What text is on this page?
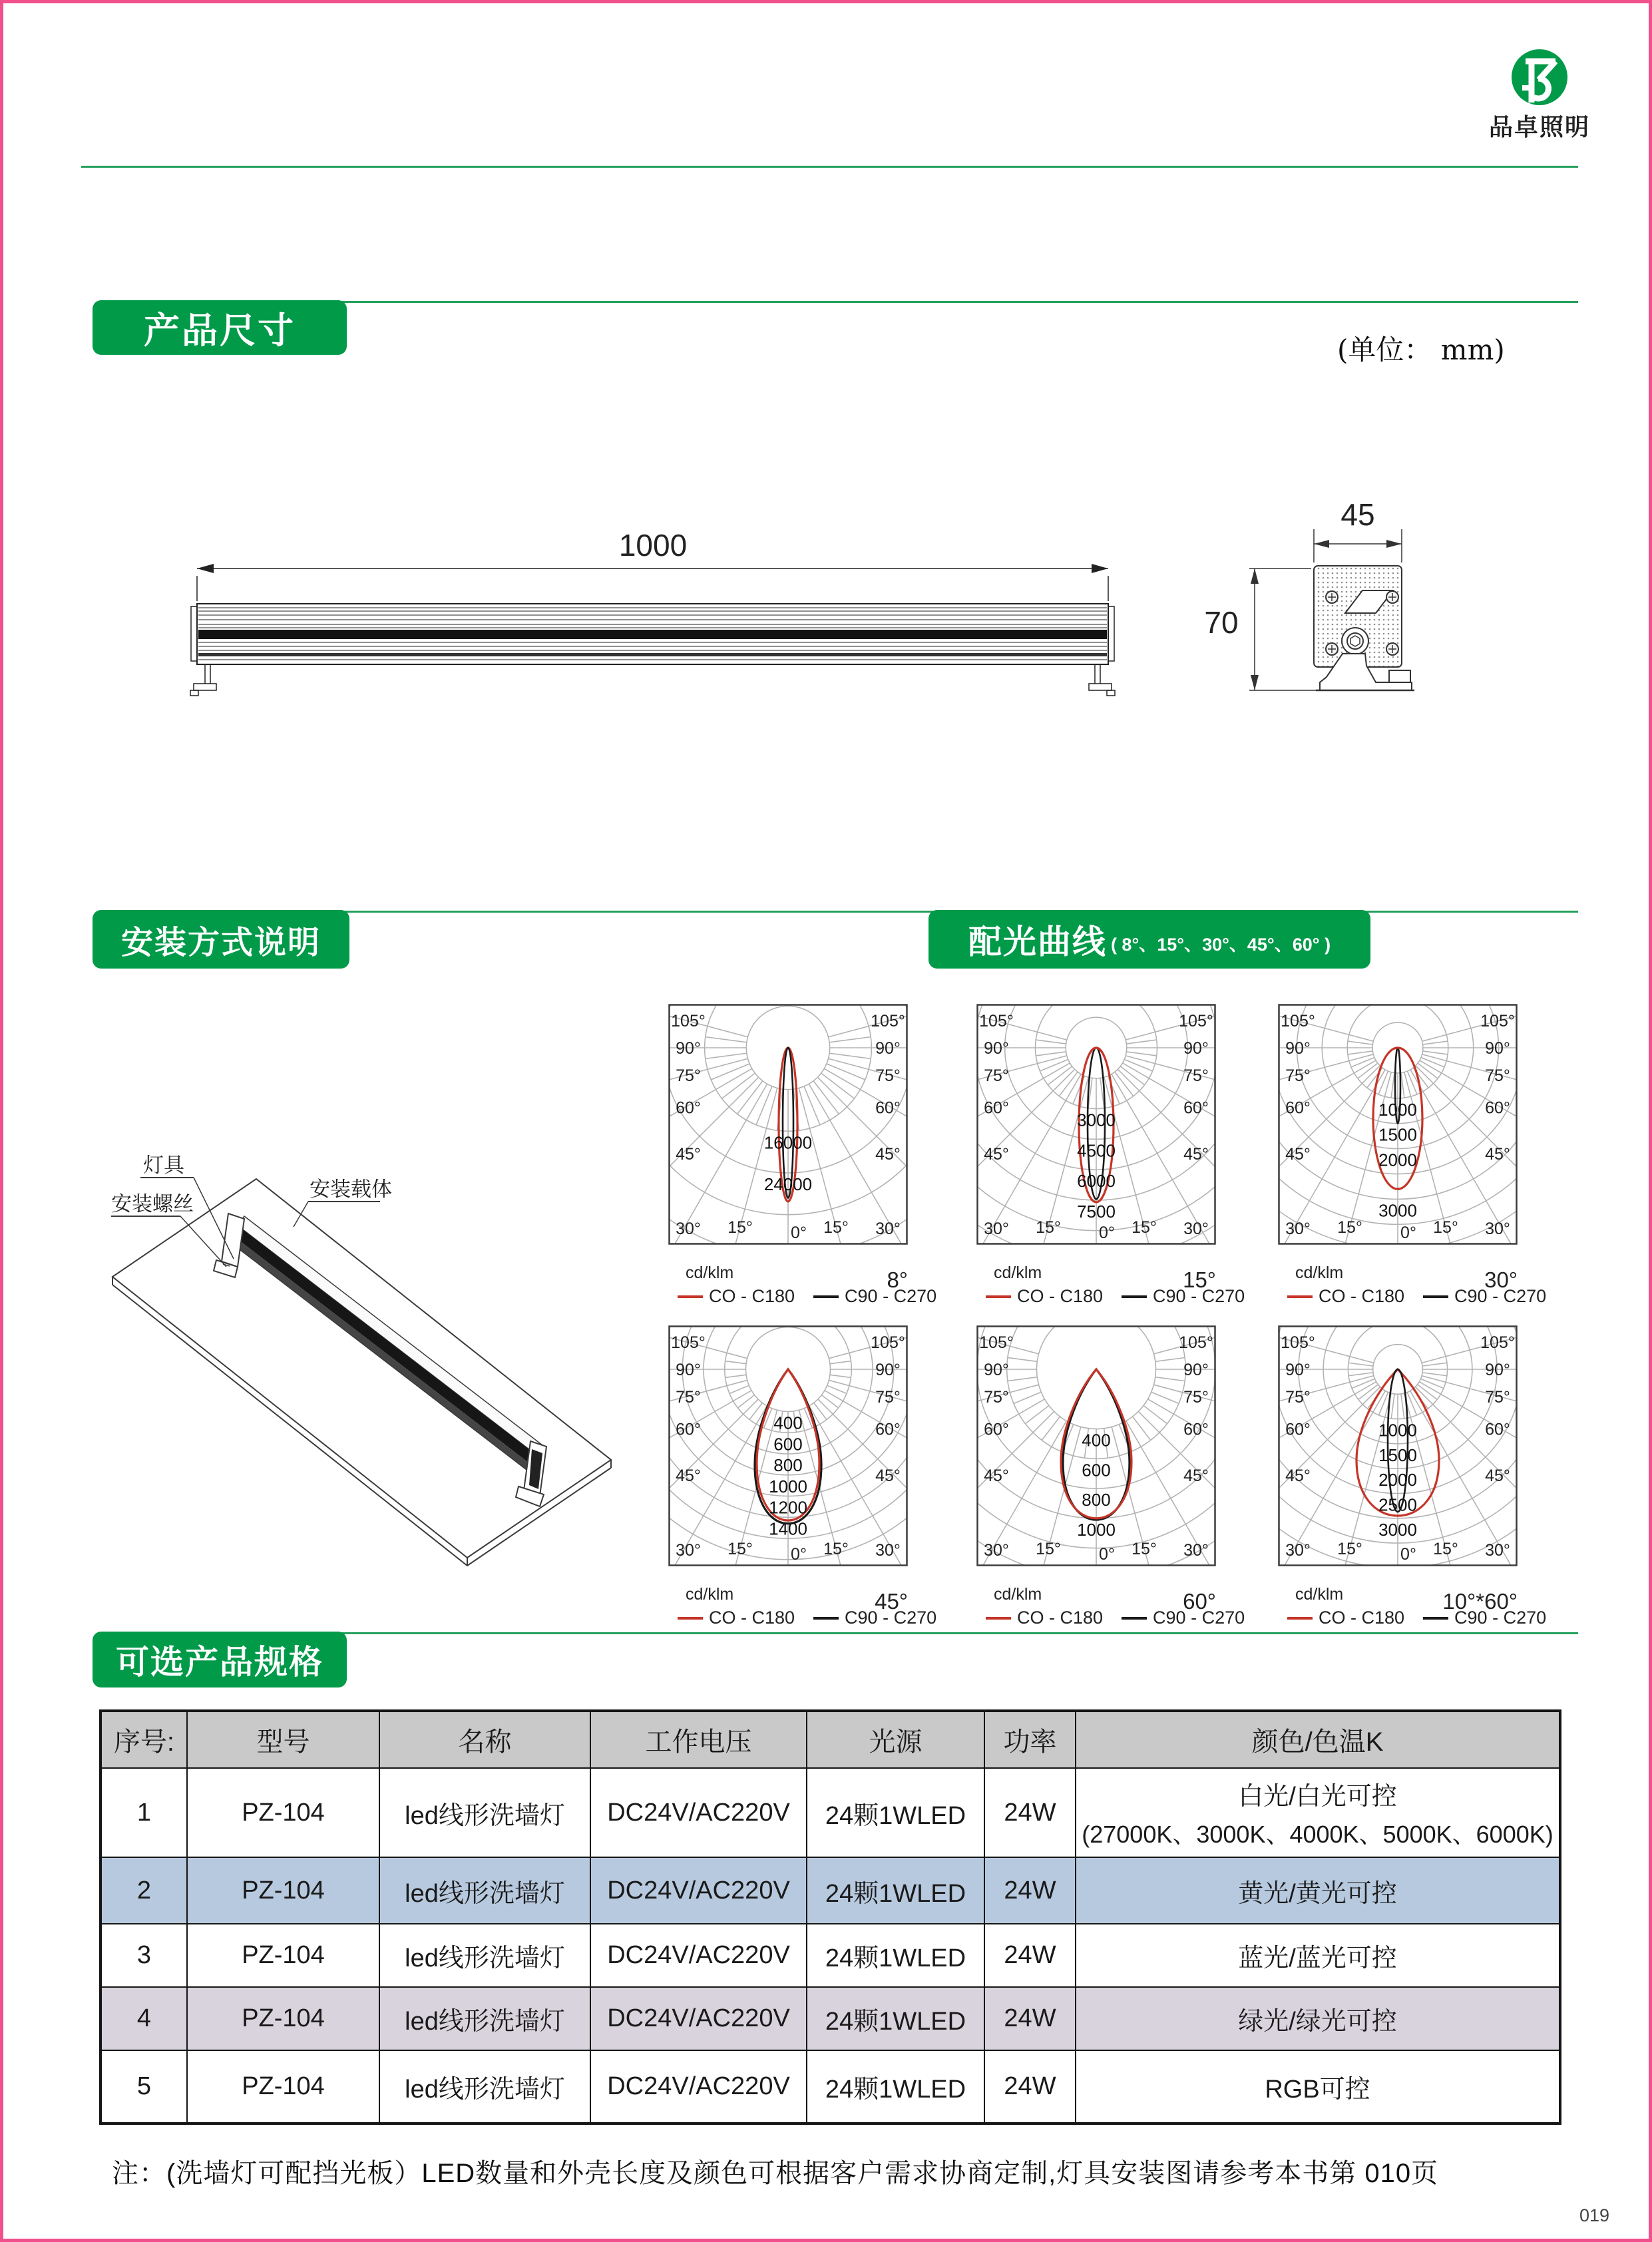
品卓照明
产品尺寸	(单位： mm)
安装方式说明	配光曲线 ( 8°、15°、30°、45°、60° )
可选产品规格
1000
45
70
灯具
安装螺丝
安装载体
16000
24000
0° 15°
15°	30°
30°
45°
45°
60°
60°
75°
75°
90°
90°
105°
105°
cd/klm
CO - C180	C90 - C270
8°
3000
4500
6000
7500
0° 15°
15°	30°
30°
45°
45°
60°
60°
75°
75°
90°
90°
105°
105°
cd/klm
CO - C180	C90 - C270
15°
1000
1500
2000
3000
0° 15°
15°	30°
30°
45°
45°
60°
60°
75°
75°
90°
90°
105°
105°
cd/klm
CO - C180	C90 - C270
30°
400
600
800
1000
1200
1400
0° 15°
15°	30°
30°
45°
45°
60°
60°
75°
75°
90°
90°
105°
105°
cd/klm
CO - C180	C90 - C270
45°
400
600
800
1000
0° 15°
15°	30°
30°
45°
45°
60°
60°
75°
75°
90°
90°
105°
105°
cd/klm
CO - C180	C90 - C270
60°
1000
1500
2000
2500
3000
0° 15°
15°	30°
30°
45°
45°
60°
60°
75°
75°
90°
90°
105°
105°
cd/klm
CO - C180	C90 - C270
10°*60°
序号:	型号	名称	工作电压	光源	功率	颜色/色温K
1	PZ-104	led线形洗墙灯	DC24V/AC220V	24颗1WLED	24W	白光/白光可控
(27000K、3000K、4000K、5000K、6000K)

2	PZ-104	led线形洗墙灯	DC24V/AC220V	24颗1WLED	24W	黄光/黄光可控

3	PZ-104	led线形洗墙灯	DC24V/AC220V	24颗1WLED	24W	蓝光/蓝光可控

4	PZ-104	led线形洗墙灯	DC24V/AC220V	24颗1WLED	24W	绿光/绿光可控

5	PZ-104	led线形洗墙灯	DC24V/AC220V	24颗1WLED	24W	RGB可控
注：(洗墙灯可配挡光板）LED数量和外壳长度及颜色可根据客户需求协商定制,灯具安装图请参考本书第 010页
019
